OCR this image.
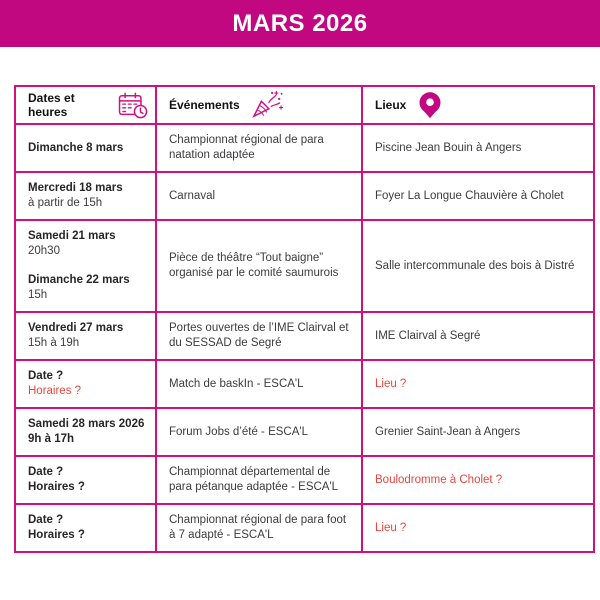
MARS 2026
Dates et heures	Événements	Lieux

Dimanche 8 mars	Championnat régional de para natation adaptée	Piscine Jean Bouin à Angers

Mercredi 18 mars
à partir de 15h	Carnaval	Foyer La Longue Chauvière à Cholet

Samedi 21 mars
20h30
Dimanche 22 mars
15h	Pièce de théâtre “Tout baigne” organisé par le comité saumurois	Salle intercommunale des bois à Distré

Vendredi 27 mars
15h à 19h	Portes ouvertes de l’IME Clairval et du SESSAD de Segré	IME Clairval à Segré

Date ?
Horaires ?	Match de baskIn - ESCA'L	Lieu ?

Samedi 28 mars 2026
9h à 17h	Forum Jobs d’été - ESCA'L	Grenier Saint-Jean à Angers

Date ?
Horaires ?	Championnat départemental de para pétanque adaptée - ESCA'L	Boulodromme à Cholet ?

Date ?
Horaires ?	Championnat régional de para foot à 7 adapté - ESCA'L	Lieu ?
